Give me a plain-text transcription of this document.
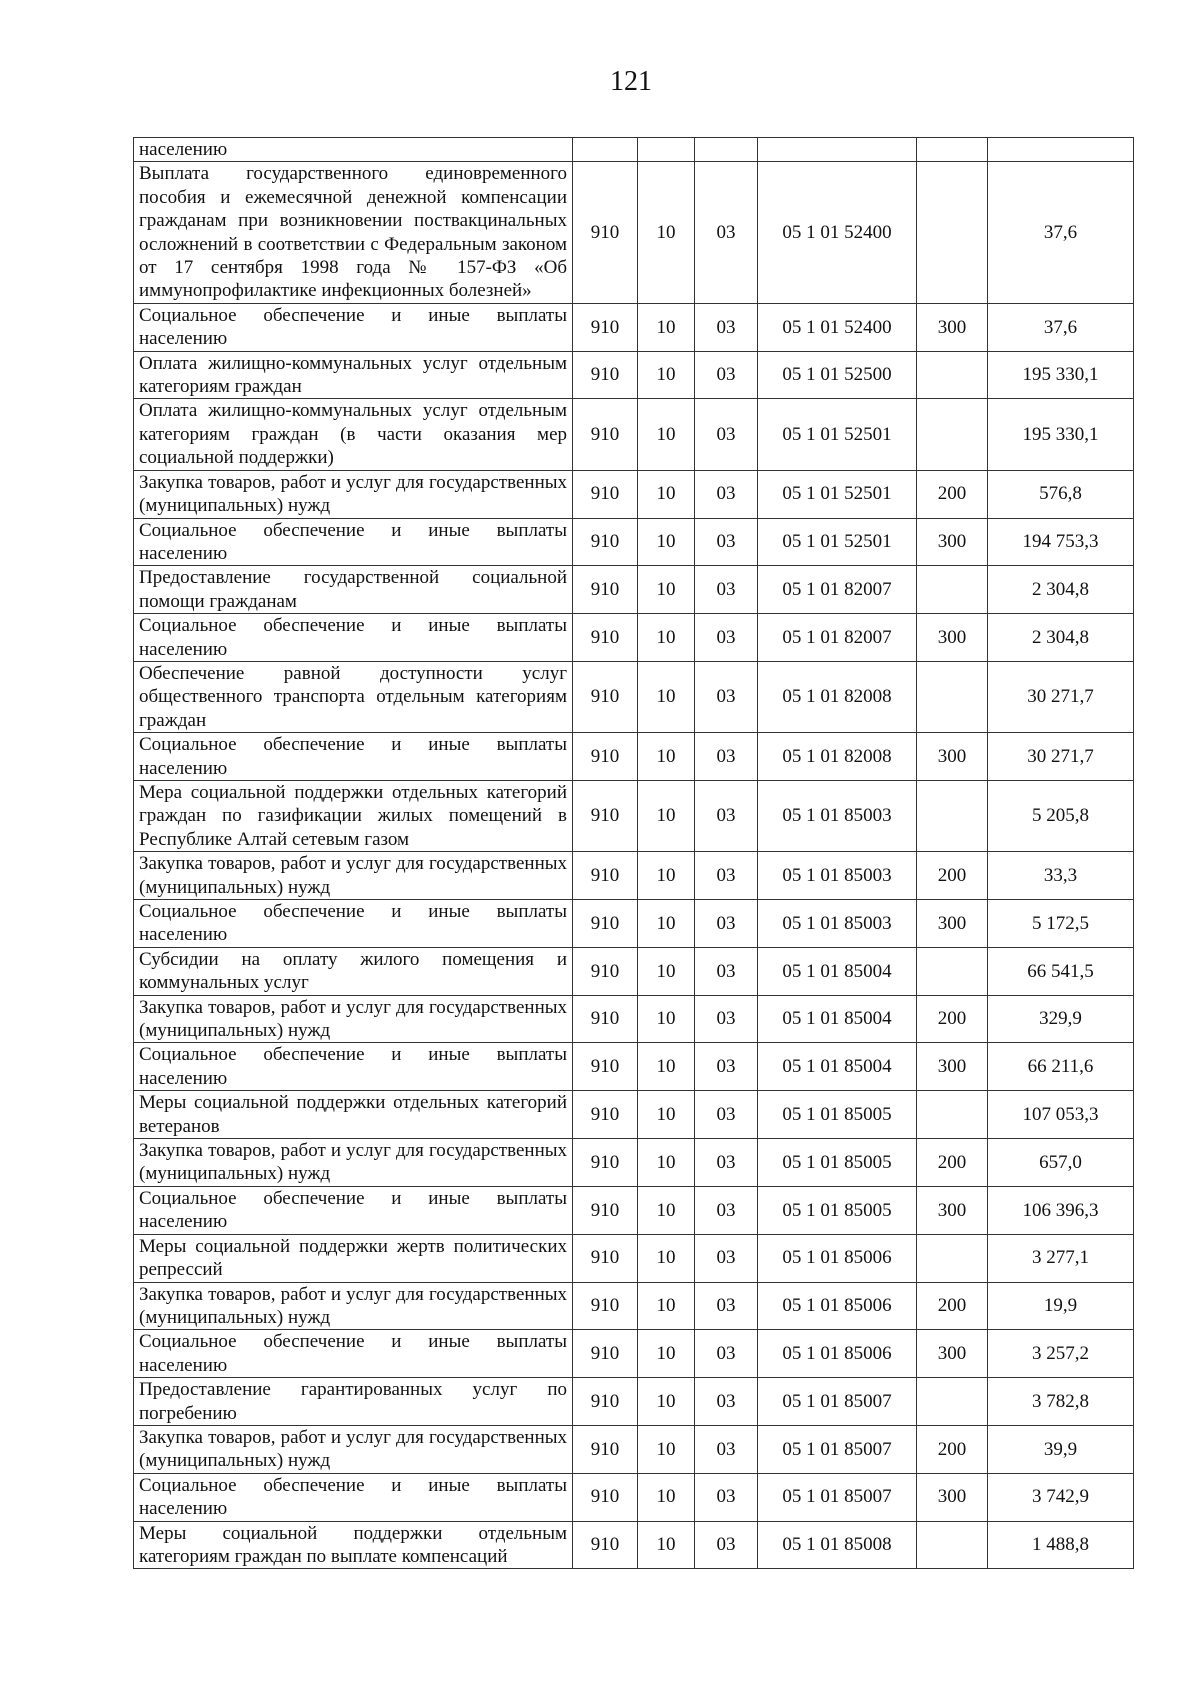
121
населению						
Выплата государственного единовременного пособия и ежемесячной денежной компенсации гражданам при возникновении поствакцинальных осложнений в соответствии с Федеральным законом от 17 сентября 1998 года № 157-ФЗ «Об иммунопрофилактике инфекционных болезней»	910	10	03	05 1 01 52400		37,6
Социальное обеспечение и иные выплаты населению	910	10	03	05 1 01 52400	300	37,6
Оплата жилищно-коммунальных услуг отдельным категориям граждан	910	10	03	05 1 01 52500		195 330,1
Оплата жилищно-коммунальных услуг отдельным категориям граждан (в части оказания мер социальной поддержки)	910	10	03	05 1 01 52501		195 330,1
Закупка товаров, работ и услуг для государственных (муниципальных) нужд	910	10	03	05 1 01 52501	200	576,8
Социальное обеспечение и иные выплаты населению	910	10	03	05 1 01 52501	300	194 753,3
Предоставление государственной социальной помощи гражданам	910	10	03	05 1 01 82007		2 304,8
Социальное обеспечение и иные выплаты населению	910	10	03	05 1 01 82007	300	2 304,8
Обеспечение равной доступности услуг общественного транспорта отдельным категориям граждан	910	10	03	05 1 01 82008		30 271,7
Социальное обеспечение и иные выплаты населению	910	10	03	05 1 01 82008	300	30 271,7
Мера социальной поддержки отдельных категорий граждан по газификации жилых помещений в Республике Алтай сетевым газом	910	10	03	05 1 01 85003		5 205,8
Закупка товаров, работ и услуг для государственных (муниципальных) нужд	910	10	03	05 1 01 85003	200	33,3
Социальное обеспечение и иные выплаты населению	910	10	03	05 1 01 85003	300	5 172,5
Субсидии на оплату жилого помещения и коммунальных услуг	910	10	03	05 1 01 85004		66 541,5
Закупка товаров, работ и услуг для государственных (муниципальных) нужд	910	10	03	05 1 01 85004	200	329,9
Социальное обеспечение и иные выплаты населению	910	10	03	05 1 01 85004	300	66 211,6
Меры социальной поддержки отдельных категорий ветеранов	910	10	03	05 1 01 85005		107 053,3
Закупка товаров, работ и услуг для государственных (муниципальных) нужд	910	10	03	05 1 01 85005	200	657,0
Социальное обеспечение и иные выплаты населению	910	10	03	05 1 01 85005	300	106 396,3
Меры социальной поддержки жертв политических репрессий	910	10	03	05 1 01 85006		3 277,1
Закупка товаров, работ и услуг для государственных (муниципальных) нужд	910	10	03	05 1 01 85006	200	19,9
Социальное обеспечение и иные выплаты населению	910	10	03	05 1 01 85006	300	3 257,2
Предоставление гарантированных услуг по погребению	910	10	03	05 1 01 85007		3 782,8
Закупка товаров, работ и услуг для государственных (муниципальных) нужд	910	10	03	05 1 01 85007	200	39,9
Социальное обеспечение и иные выплаты населению	910	10	03	05 1 01 85007	300	3 742,9
Меры социальной поддержки отдельным категориям граждан по выплате компенсаций	910	10	03	05 1 01 85008		1 488,8
